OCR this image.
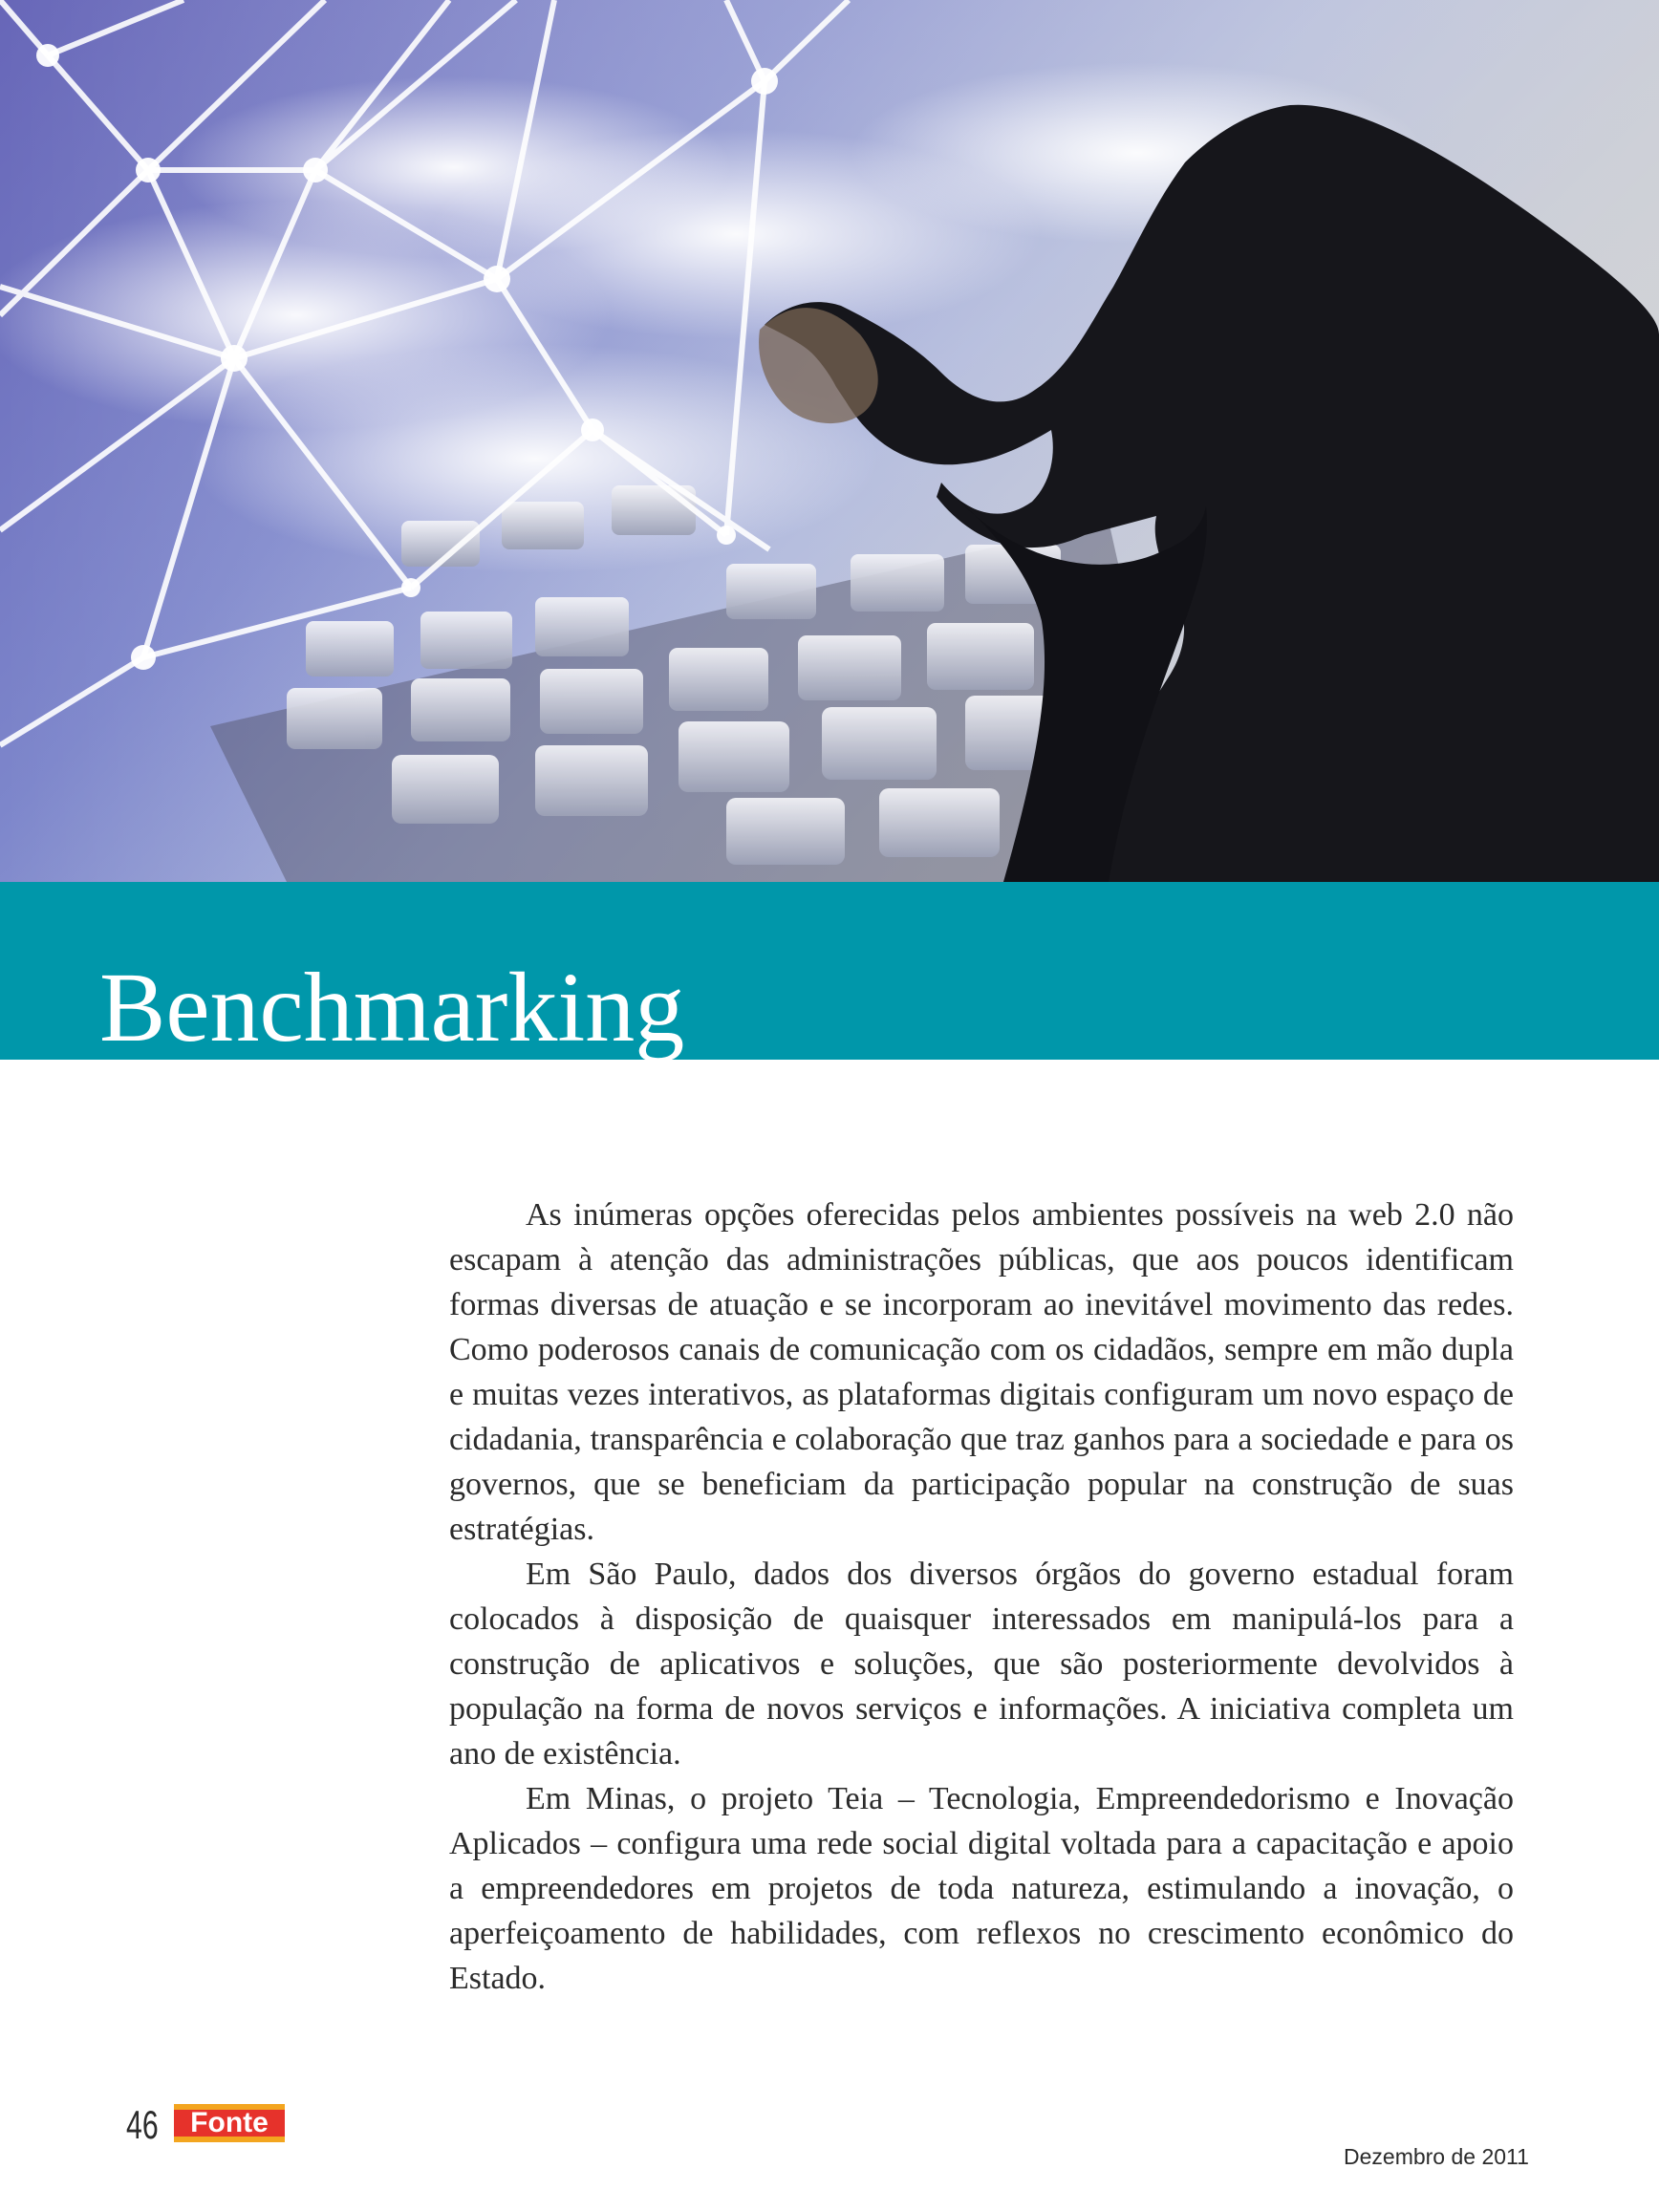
Benchmarking

As inúmeras opções oferecidas pelos ambientes possíveis na web 2.0 não escapam à atenção das administrações públicas, que aos poucos identificam formas diversas de atuação e se incorporam ao inevitável movimento das redes. Como poderosos canais de comunicação com os cidadãos, sempre em mão dupla e muitas vezes interativos, as plataformas digitais configuram um novo espaço de cidadania, transparência e colaboração que traz ganhos para a sociedade e para os governos, que se beneficiam da participação popular na construção de suas estratégias.

Em São Paulo, dados dos diversos órgãos do governo estadual foram colocados à disposição de quaisquer interessados em manipulá-los para a construção de aplicativos e soluções, que são posteriormente devolvidos à população na forma de novos serviços e informações. A iniciativa completa um ano de existência.

Em Minas, o projeto Teia – Tecnologia, Empreendedorismo e Inovação Aplicados – configura uma rede social digital voltada para a capacitação e apoio a empreendedores em projetos de toda natureza, estimulando a inovação, o aperfeiçoamento de habilidades, com reflexos no crescimento econômico do Estado.

46	Fonte

Dezembro de 2011
